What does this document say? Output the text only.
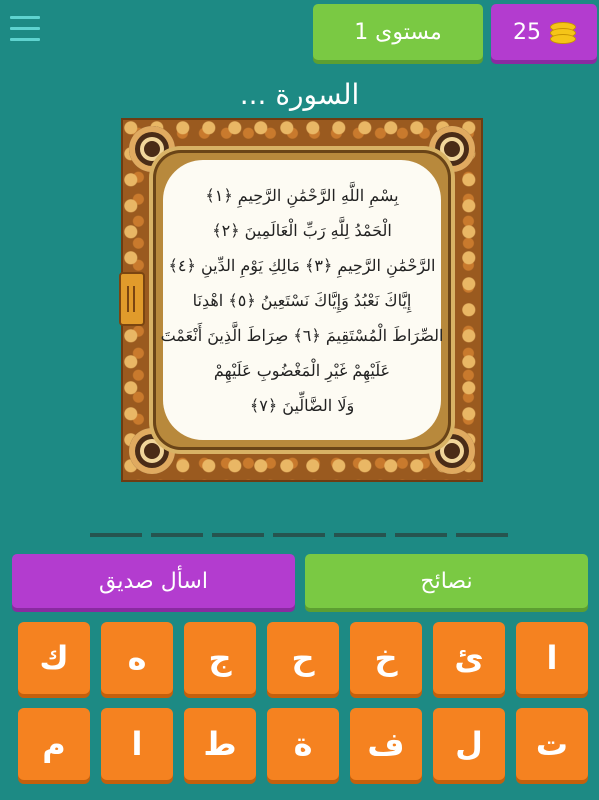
مستوى 1	25
السورة ...
بِسْمِ اللَّهِ الرَّحْمَٰنِ الرَّحِيمِ ﴿١﴾
الْحَمْدُ لِلَّهِ رَبِّ الْعَالَمِينَ ﴿٢﴾
الرَّحْمَٰنِ الرَّحِيمِ ﴿٣﴾ مَالِكِ يَوْمِ الدِّينِ ﴿٤﴾
إِيَّاكَ نَعْبُدُ وَإِيَّاكَ نَسْتَعِينُ ﴿٥﴾ اهْدِنَا
الصِّرَاطَ الْمُسْتَقِيمَ ﴿٦﴾ صِرَاطَ الَّذِينَ أَنْعَمْتَ
عَلَيْهِمْ غَيْرِ الْمَغْضُوبِ عَلَيْهِمْ
وَلَا الضَّالِّينَ ﴿٧﴾
اسأل صديق	نصائح
ا
ئ
خ
ح
ج
ه
ك
ت
ل
ف
ة
ط
ا
م
